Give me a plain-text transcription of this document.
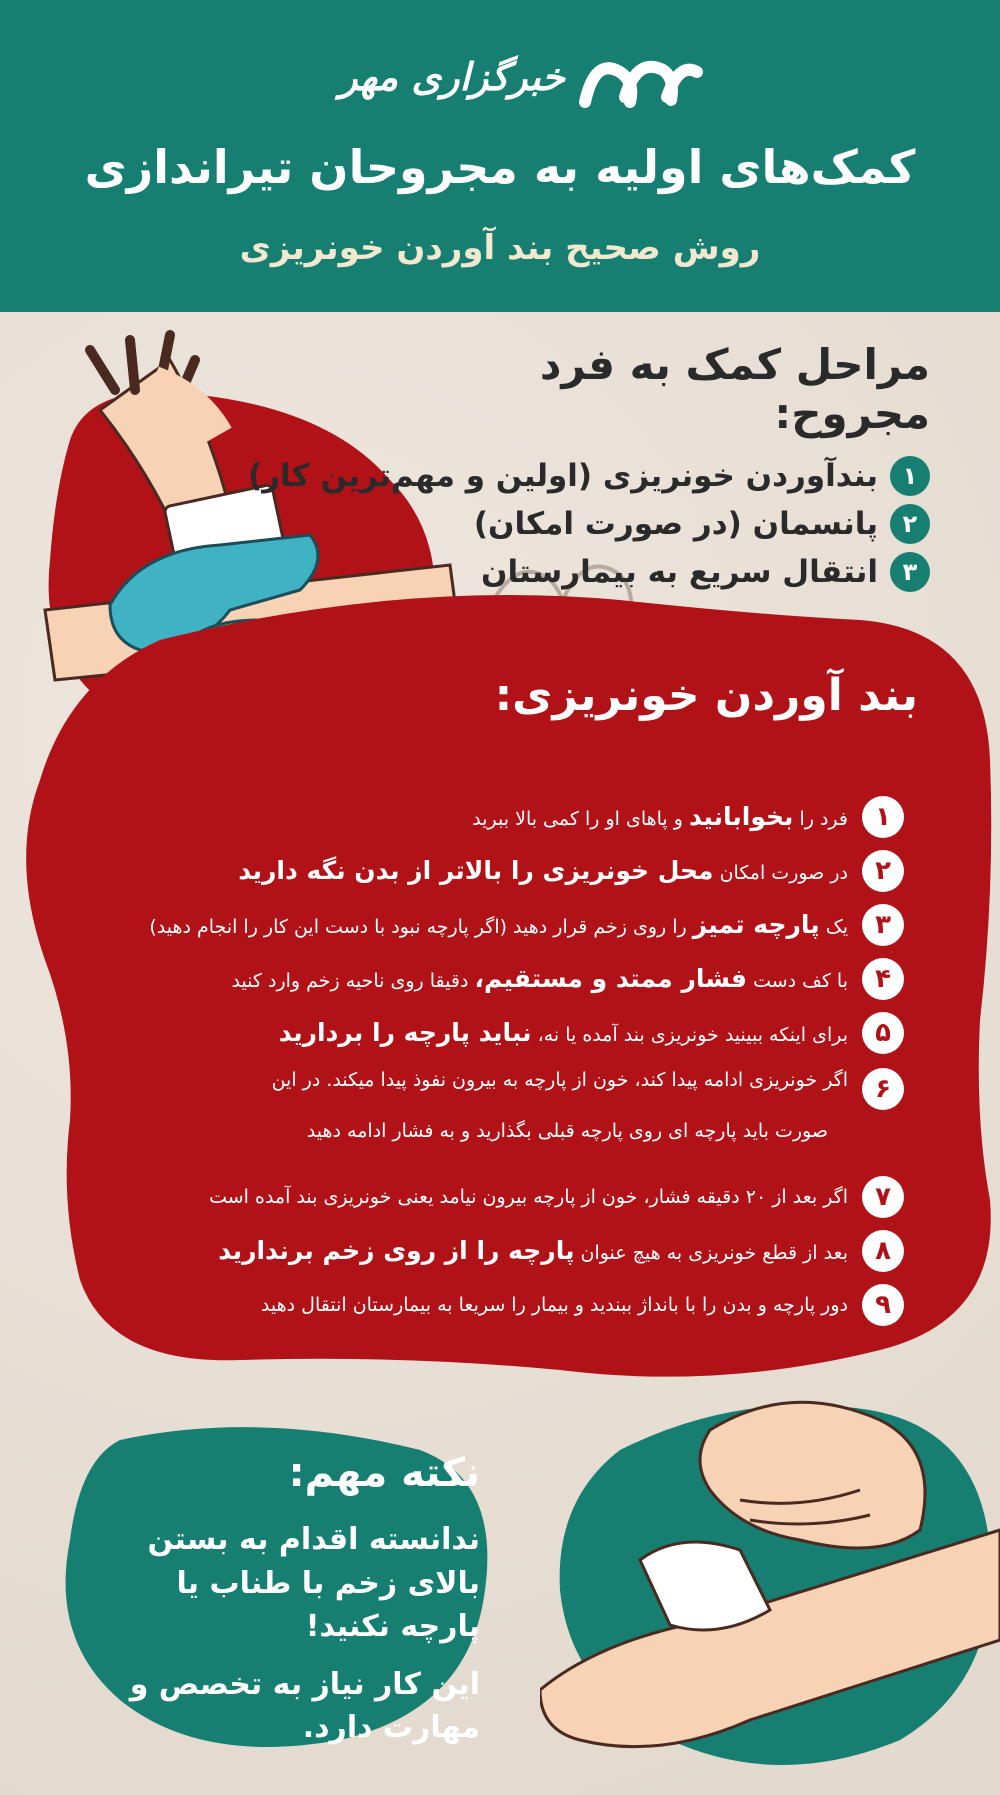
خبرگزاری مهر
کمک‌های اولیه به مجروحان تیراندازی
روش صحیح بند آوردن خونریزی
مراحل کمک به فرد مجروح:
۱
بندآوردن خونریزی (اولین و مهم‌ترین کار)
۲
پانسمان (در صورت امکان)
۳
انتقال سریع به بیمارستان
بند آوردن خونریزی:
۱
فرد را بخوابانید و پاهای او را کمی بالا ببرید
۲
در صورت امکان محل خونریزی را بالاتر از بدن نگه دارید
۳
یک پارچه تمیز را روی زخم قرار دهید (اگر پارچه نبود با دست این کار را انجام دهید)
۴
با کف دست فشار ممتد و مستقیم، دقیقا روی ناحیه زخم وارد کنید
۵
برای اینکه ببینید خونریزی بند آمده یا نه، نباید پارچه را بردارید
۶
اگر خونریزی ادامه پیدا کند، خون از پارچه به بیرون نفوذ پیدا میکند. در این
صورت باید پارچه ای روی پارچه قبلی بگذارید و به فشار ادامه دهید
۷
اگر بعد از ۲۰ دقیقه فشار، خون از پارچه بیرون نیامد یعنی خونریزی بند آمده است
۸
بعد از قطع خونریزی به هیچ عنوان پارچه را از روی زخم برندارید
۹
دور پارچه و بدن را با بانداژ ببندید و بیمار را سریعا به بیمارستان انتقال دهید
نکته مهم:

ندانسته اقدام به بستن بالای زخم با طناب یا پارچه نکنید!

این کار نیاز به تخصص و مهارت دارد.
